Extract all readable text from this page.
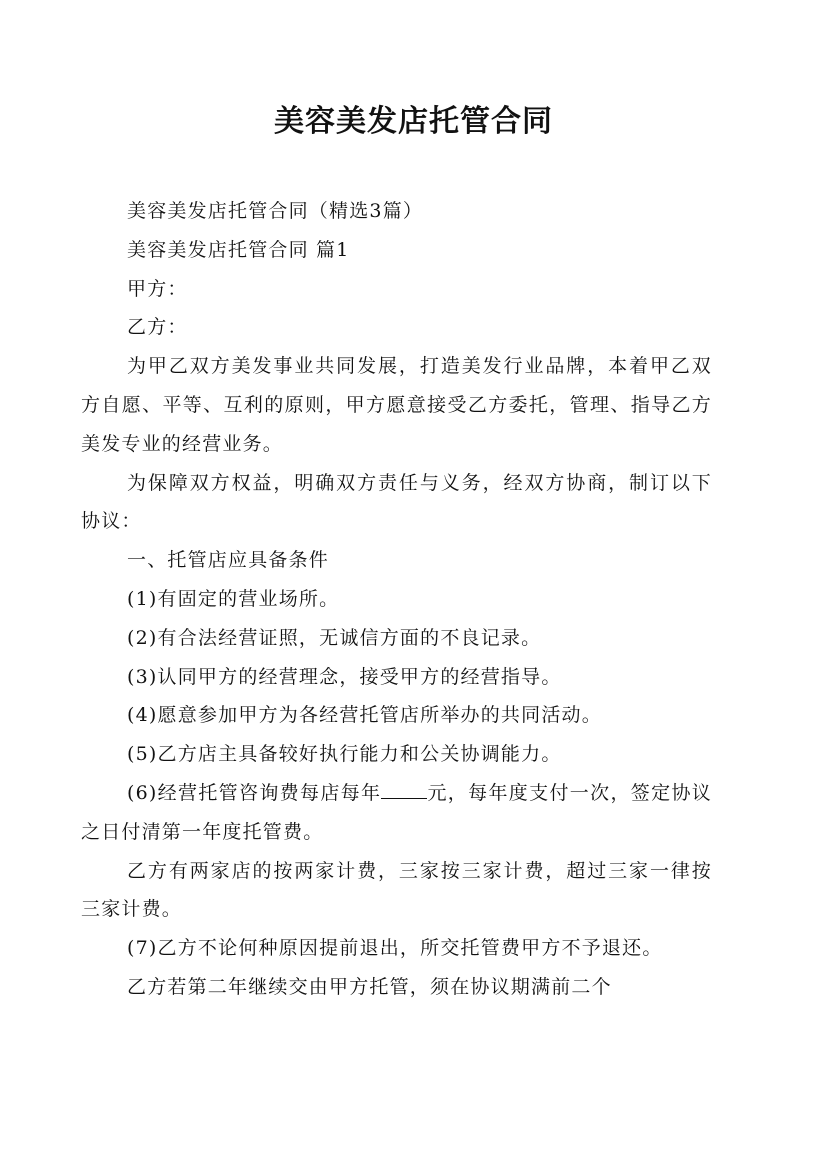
美容美发店托管合同

美容美发店托管合同（精选3篇）

美容美发店托管合同 篇1

甲方：

乙方：

为甲乙双方美发事业共同发展，打造美发行业品牌，本着甲乙双方自愿、平等、互利的原则，甲方愿意接受乙方委托，管理、指导乙方美发专业的经营业务。

为保障双方权益，明确双方责任与义务，经双方协商，制订以下协议：

一、托管店应具备条件

(1)有固定的营业场所。

(2)有合法经营证照，无诚信方面的不良记录。

(3)认同甲方的经营理念，接受甲方的经营指导。

(4)愿意参加甲方为各经营托管店所举办的共同活动。

(5)乙方店主具备较好执行能力和公关协调能力。

(6)经营托管咨询费每店每年 元，每年度支付一次，签定协议之日付清第一年度托管费。

乙方有两家店的按两家计费，三家按三家计费，超过三家一律按三家计费。

(7)乙方不论何种原因提前退出，所交托管费甲方不予退还。

乙方若第二年继续交由甲方托管，须在协议期满前二个
